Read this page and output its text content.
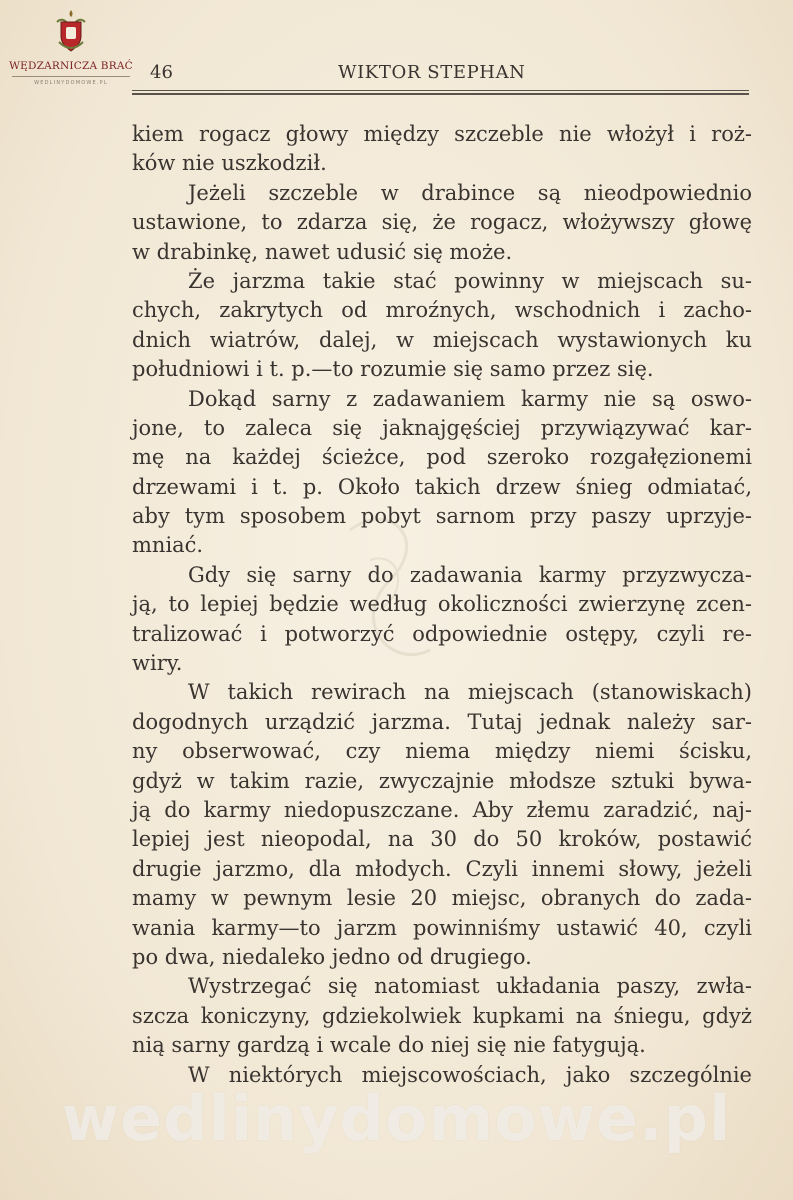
WĘDZARNICZA BRAĆ
WEDLINYDOMOWE.PL	46	WIKTOR STEPHAN
kiem rogacz głowy między szczeble nie włożył i roż-
ków nie uszkodził.
Jeżeli szczeble w drabince są nieodpowiednio
ustawione, to zdarza się, że rogacz, włożywszy głowę
w drabinkę, nawet udusić się może.
Że jarzma takie stać powinny w miejscach su-
chych, zakrytych od mroźnych, wschodnich i zacho-
dnich wiatrów, dalej, w miejscach wystawionych ku
południowi i t. p.—to rozumie się samo przez się.
Dokąd sarny z zadawaniem karmy nie są oswo-
jone, to zaleca się jaknajgęściej przywiązywać kar-
mę na każdej ścieżce, pod szeroko rozgałęzionemi
drzewami i t. p. Około takich drzew śnieg odmiatać,
aby tym sposobem pobyt sarnom przy paszy uprzyje-
mniać.
Gdy się sarny do zadawania karmy przyzwycza-
ją, to lepiej będzie według okoliczności zwierzynę zcen-
tralizować i potworzyć odpowiednie ostępy, czyli re-
wiry.
W takich rewirach na miejscach (stanowiskach)
dogodnych urządzić jarzma. Tutaj jednak należy sar-
ny obserwować, czy niema między niemi ścisku,
gdyż w takim razie, zwyczajnie młodsze sztuki bywa-
ją do karmy niedopuszczane. Aby złemu zaradzić, naj-
lepiej jest nieopodal, na 30 do 50 kroków, postawić
drugie jarzmo, dla młodych. Czyli innemi słowy, jeżeli
mamy w pewnym lesie 20 miejsc, obranych do zada-
wania karmy—to jarzm powinniśmy ustawić 40, czyli
po dwa, niedaleko jedno od drugiego.
Wystrzegać się natomiast układania paszy, zwła-
szcza koniczyny, gdziekolwiek kupkami na śniegu, gdyż
nią sarny gardzą i wcale do niej się nie fatygują.
W niektórych miejscowościach, jako szczególnie
wedlinydomowe.pl
